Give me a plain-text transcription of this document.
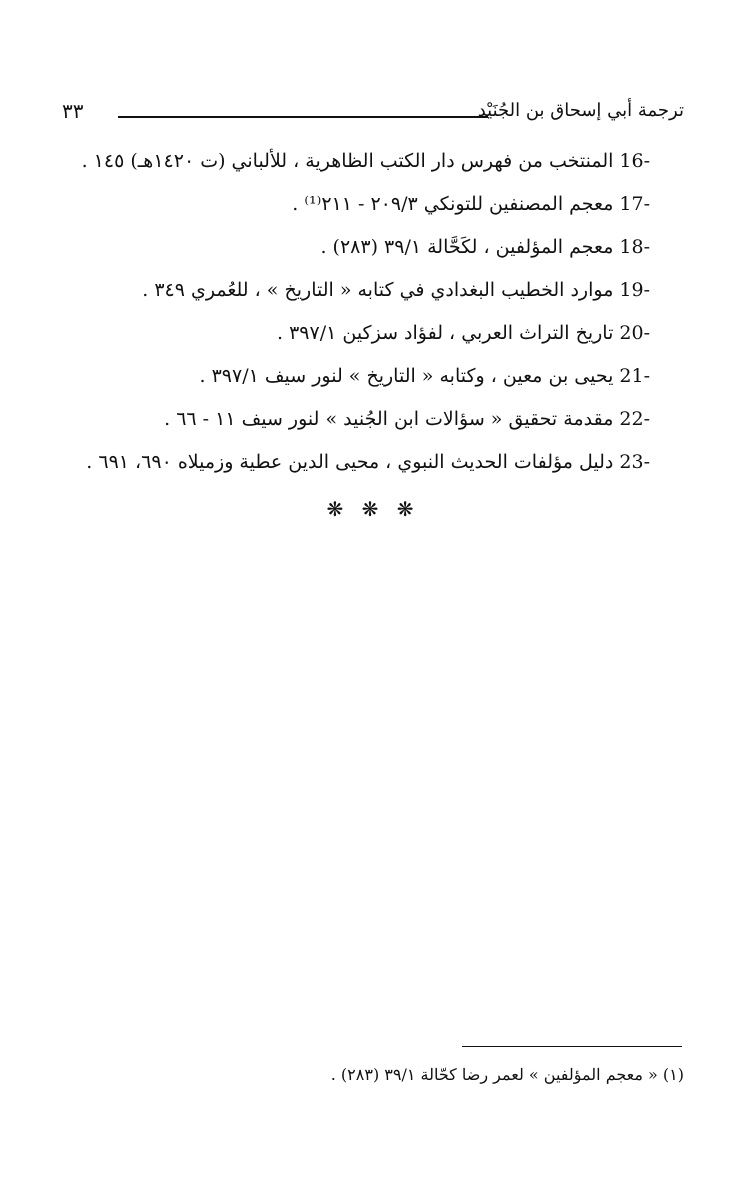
ترجمة أبي إسحاق بن الجُنَيْد
٣٣
16-المنتخب من فهرس دار الكتب الظاهرية ، للألباني (ت ١٤٢٠هـ) ١٤٥ .
17-معجم المصنفين للتونكي ٢٠٩/٣ - ٢١١⁽¹⁾ .
18-معجم المؤلفين ، لكَحَّالة ٣٩/١ (٢٨٣) .
19-موارد الخطيب البغدادي في كتابه « التاريخ » ، للعُمري ٣٤٩ .
20-تاريخ التراث العربي ، لفؤاد سزكين ٣٩٧/١ .
21-يحيى بن معين ، وكتابه « التاريخ » لنور سيف ٣٩٧/١ .
22-مقدمة تحقيق « سؤالات ابن الجُنيد » لنور سيف ١١ - ٦٦ .
23-دليل مؤلفات الحديث النبوي ، محيى الدين عطية وزميلاه ٦٩٠، ٦٩١ .
❋ ❋ ❋
(١) « معجم المؤلفين » لعمر رضا كحّالة ٣٩/١ (٢٨٣) .
